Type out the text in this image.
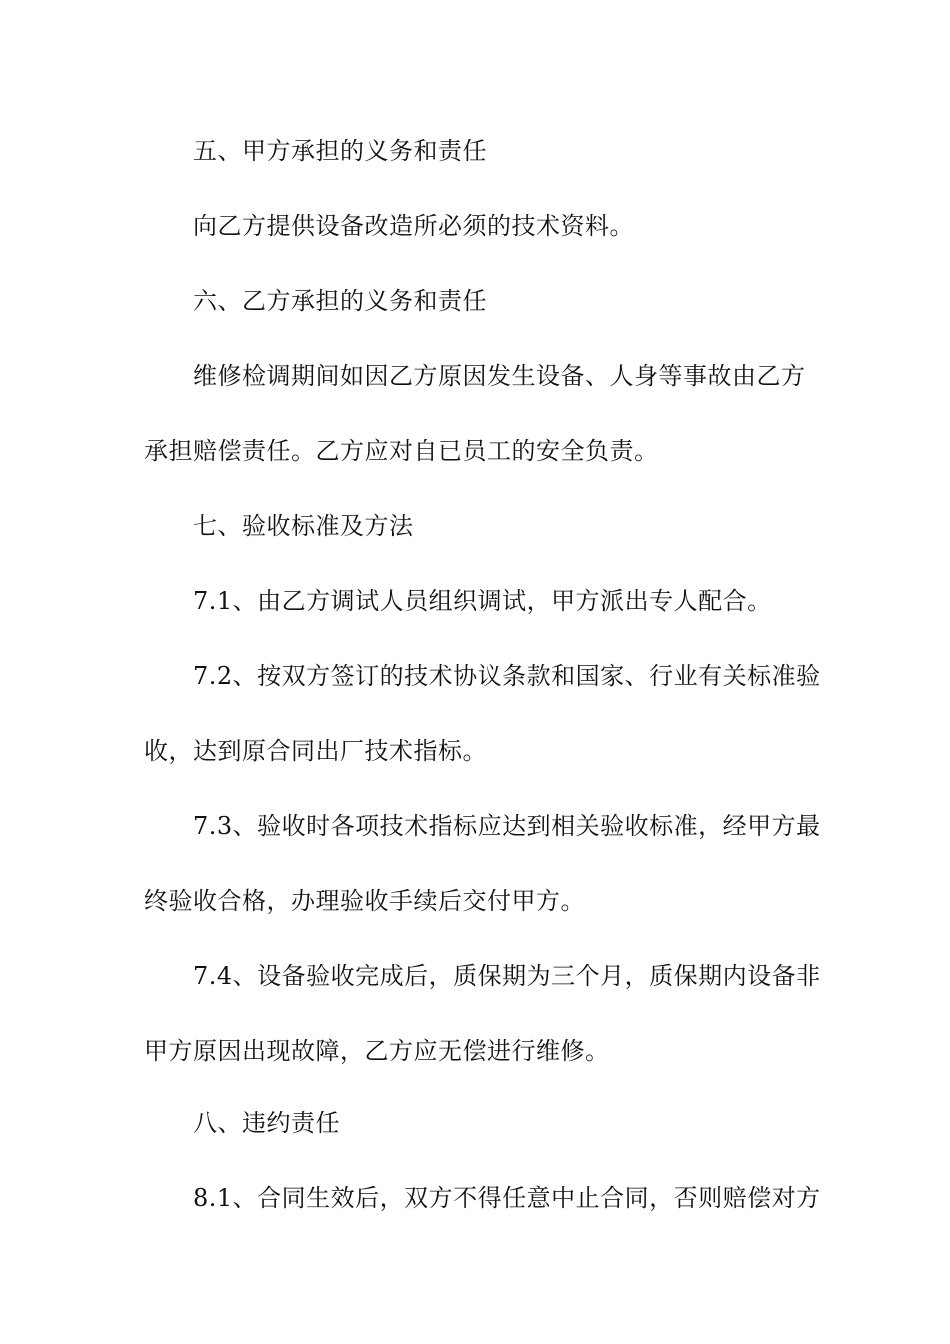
五、甲方承担的义务和责任
向乙方提供设备改造所必须的技术资料。
六、乙方承担的义务和责任
维修检调期间如因乙方原因发生设备、人身等事故由乙方
承担赔偿责任。乙方应对自已员工的安全负责。
七、验收标准及方法
7.1、由乙方调试人员组织调试，甲方派出专人配合。
7.2、按双方签订的技术协议条款和国家、行业有关标准验
收，达到原合同出厂技术指标。
7.3、验收时各项技术指标应达到相关验收标准，经甲方最
终验收合格，办理验收手续后交付甲方。
7.4、设备验收完成后，质保期为三个月，质保期内设备非
甲方原因出现故障，乙方应无偿进行维修。
八、违约责任
8.1、合同生效后，双方不得任意中止合同，否则赔偿对方
